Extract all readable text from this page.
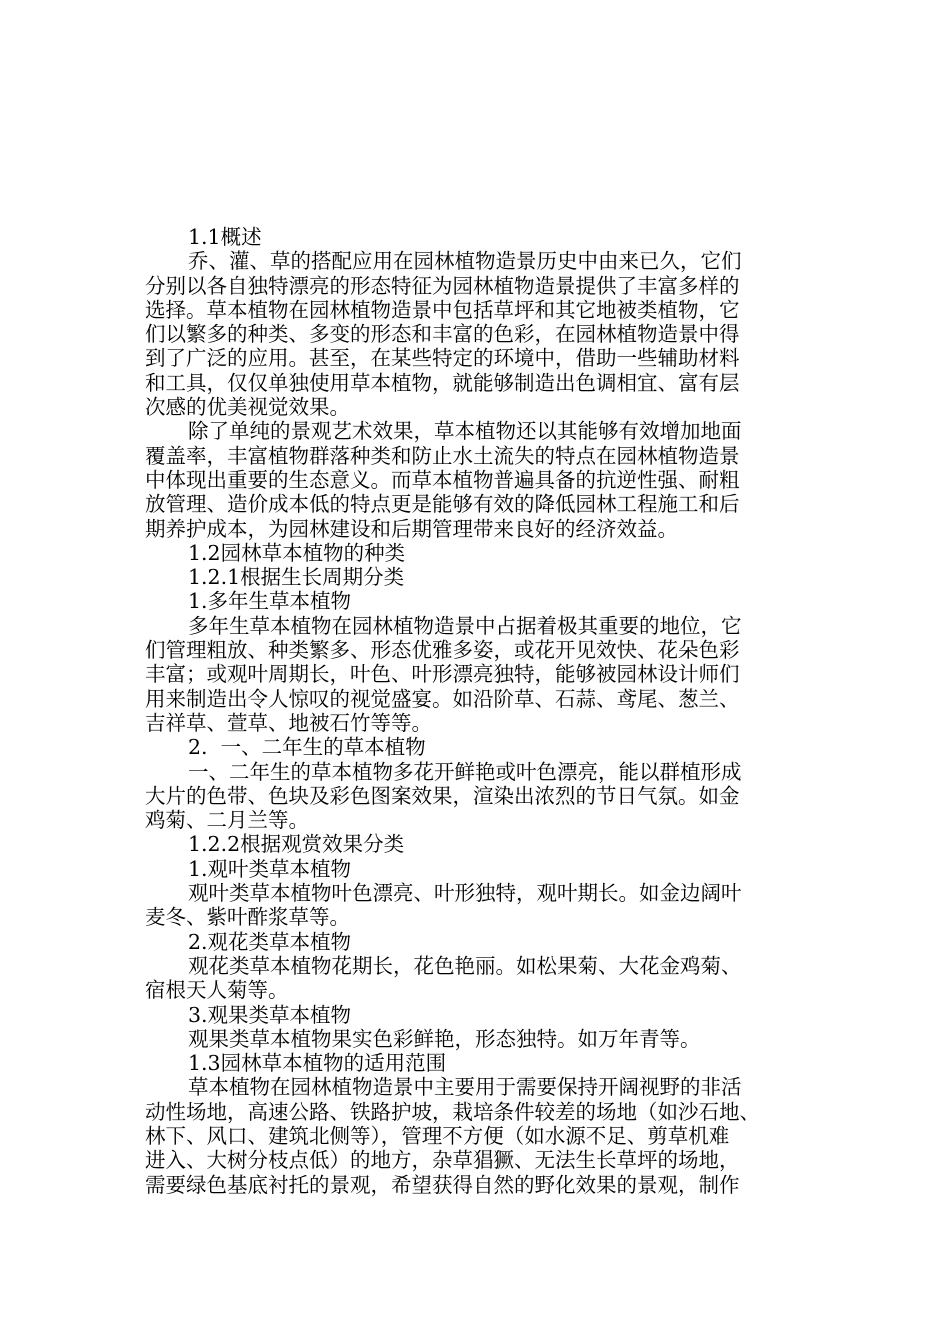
1.1概述
乔、灌、草的搭配应用在园林植物造景历史中由来已久，它们
分别以各自独特漂亮的形态特征为园林植物造景提供了丰富多样的
选择。草本植物在园林植物造景中包括草坪和其它地被类植物，它
们以繁多的种类、多变的形态和丰富的色彩，在园林植物造景中得
到了广泛的应用。甚至，在某些特定的环境中，借助一些辅助材料
和工具，仅仅单独使用草本植物，就能够制造出色调相宜、富有层
次感的优美视觉效果。
除了单纯的景观艺术效果，草本植物还以其能够有效增加地面
覆盖率，丰富植物群落种类和防止水土流失的特点在园林植物造景
中体现出重要的生态意义。而草本植物普遍具备的抗逆性强、耐粗
放管理、造价成本低的特点更是能够有效的降低园林工程施工和后
期养护成本，为园林建设和后期管理带来良好的经济效益。
1.2园林草本植物的种类
1.2.1根据生长周期分类
1.多年生草本植物
多年生草本植物在园林植物造景中占据着极其重要的地位，它
们管理粗放、种类繁多、形态优雅多姿，或花开见效快、花朵色彩
丰富；或观叶周期长，叶色、叶形漂亮独特，能够被园林设计师们
用来制造出令人惊叹的视觉盛宴。如沿阶草、石蒜、鸢尾、葱兰、
吉祥草、萱草、地被石竹等等。
2.  一、二年生的草本植物
一、二年生的草本植物多花开鲜艳或叶色漂亮，能以群植形成
大片的色带、色块及彩色图案效果，渲染出浓烈的节日气氛。如金
鸡菊、二月兰等。
1.2.2根据观赏效果分类
1.观叶类草本植物
观叶类草本植物叶色漂亮、叶形独特，观叶期长。如金边阔叶
麦冬、紫叶酢浆草等。
2.观花类草本植物
观花类草本植物花期长，花色艳丽。如松果菊、大花金鸡菊、
宿根天人菊等。
3.观果类草本植物
观果类草本植物果实色彩鲜艳，形态独特。如万年青等。
1.3园林草本植物的适用范围
草本植物在园林植物造景中主要用于需要保持开阔视野的非活
动性场地，高速公路、铁路护坡，栽培条件较差的场地（如沙石地、
林下、风口、建筑北侧等），管理不方便（如水源不足、剪草机难
进入、大树分枝点低）的地方，杂草猖獗、无法生长草坪的场地，
需要绿色基底衬托的景观，希望获得自然的野化效果的景观，制作
